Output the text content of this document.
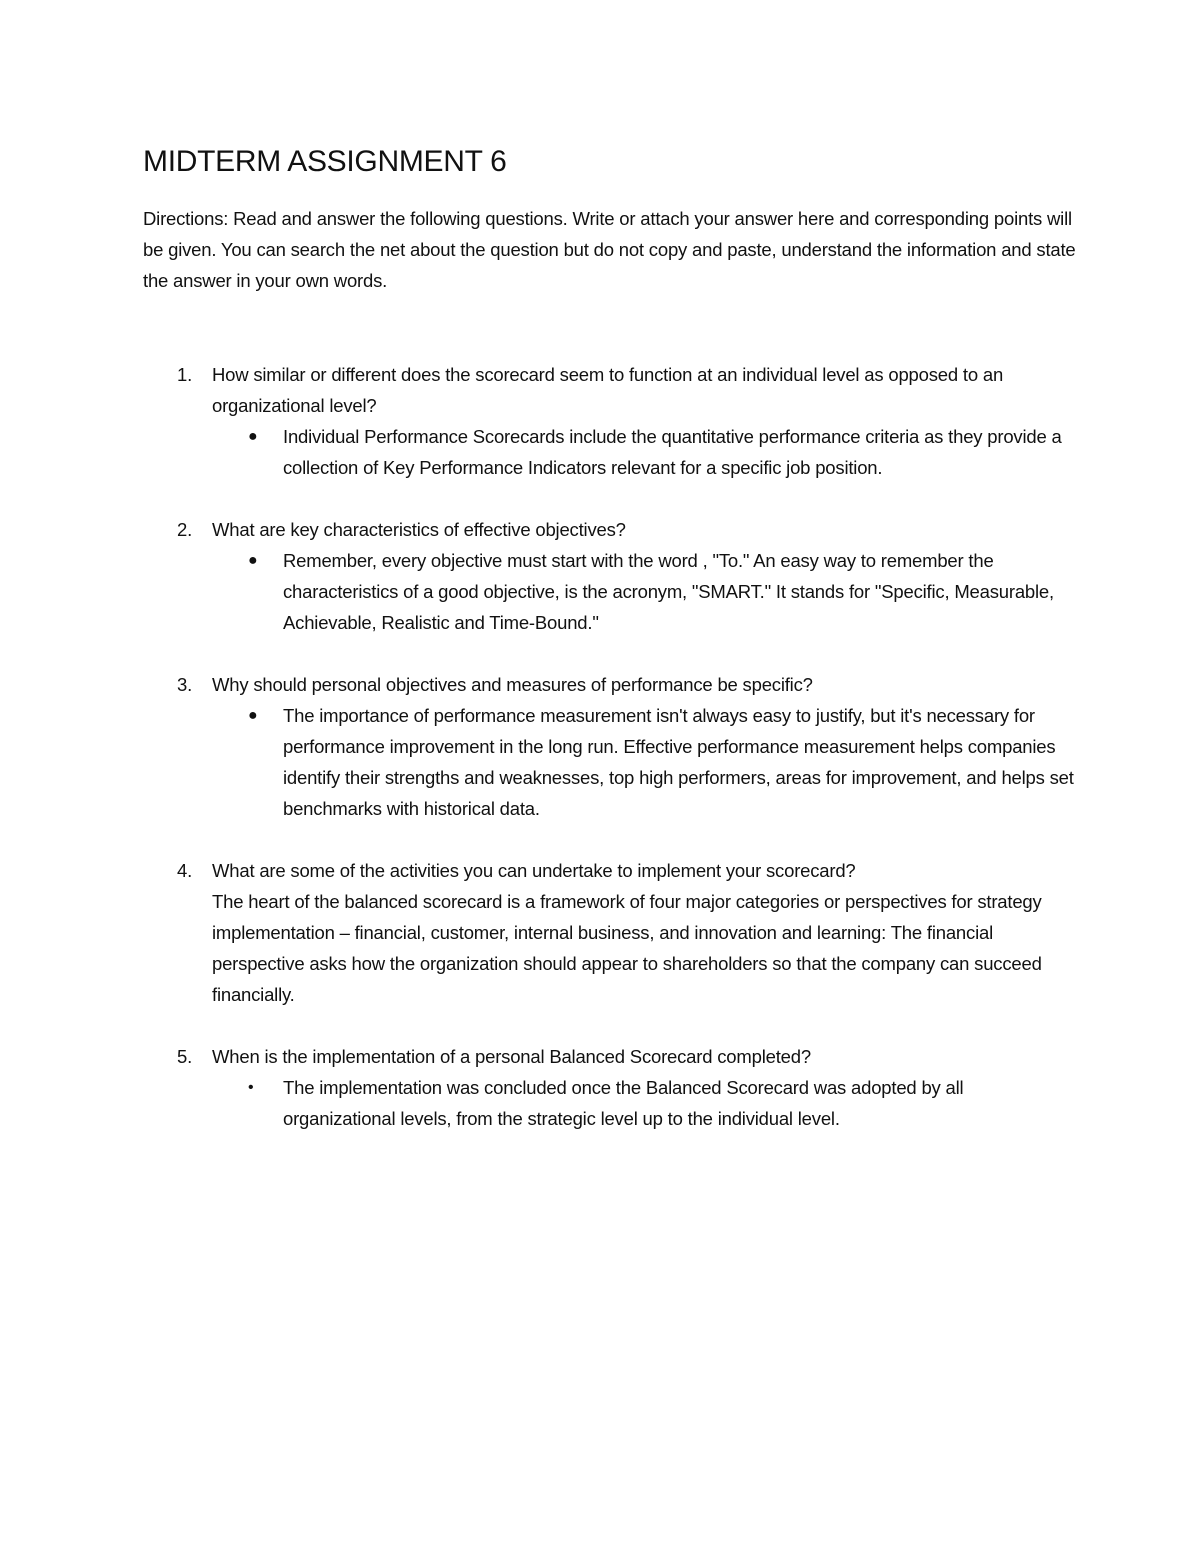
MIDTERM ASSIGNMENT 6
Directions: Read and answer the following questions. Write or attach your answer here and corresponding points will be given. You can search the net about the question but do not copy and paste, understand the information and state the answer in your own words.
1. How similar or different does the scorecard seem to function at an individual level as opposed to an organizational level?
● Individual Performance Scorecards include the quantitative performance criteria as they provide a collection of Key Performance Indicators relevant for a specific job position.
2. What are key characteristics of effective objectives?
● Remember, every objective must start with the word , "To." An easy way to remember the characteristics of a good objective, is the acronym, "SMART." It stands for "Specific, Measurable, Achievable, Realistic and Time-Bound."
3. Why should personal objectives and measures of performance be specific?
● The importance of performance measurement isn't always easy to justify, but it's necessary for performance improvement in the long run. Effective performance measurement helps companies identify their strengths and weaknesses, top high performers, areas for improvement, and helps set benchmarks with historical data.
4. What are some of the activities you can undertake to implement your scorecard?
The heart of the balanced scorecard is a framework of four major categories or perspectives for strategy implementation – financial, customer, internal business, and innovation and learning: The financial perspective asks how the organization should appear to shareholders so that the company can succeed financially.
5. When is the implementation of a personal Balanced Scorecard completed?
• The implementation was concluded once the Balanced Scorecard was adopted by all organizational levels, from the strategic level up to the individual level.
